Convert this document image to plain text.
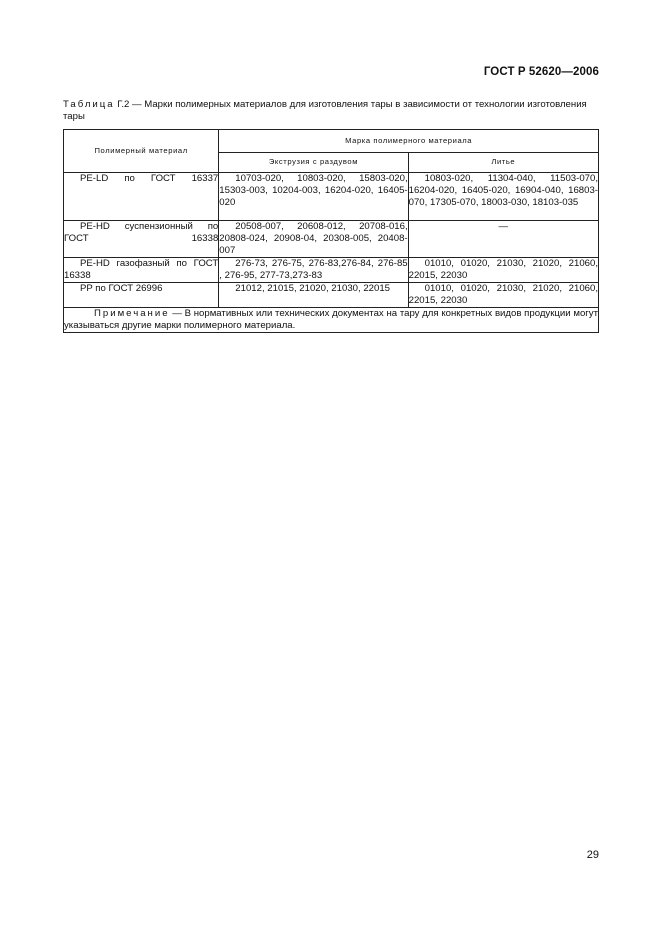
ГОСТ Р 52620—2006
Таблица Г.2 — Марки полимерных материалов для изготовления тары в зависимости от технологии изготовления тары
Полимерный материал	Марка полимерного материала	
	Экструзия с раздувом	Литье
PE-LD по ГОСТ 16337	10703-020, 10803-020, 15803-020, 15303-003, 10204-003, 16204-020, 16405-020	10803-020, 11304-040, 11503-070, 16204-020, 16405-020, 16904-040, 16803-070, 17305-070, 18003-030, 18103-035
PE-HD суспензионный по ГОСТ 16338	20508-007, 20608-012, 20708-016, 20808-024, 20908-04, 20308-005, 20408-007	—
PE-HD газофазный по ГОСТ 16338	276-73, 276-75, 276-83,276-84, 276-85 , 276-95, 277-73,273-83	01010, 01020, 21030, 21020, 21060, 22015, 22030
PP по ГОСТ 26996	21012, 21015, 21020, 21030, 22015	01010, 01020, 21030, 21020, 21060, 22015, 22030
Примечание — В нормативных или технических документах на тару для конкретных видов продукции могут указываться другие марки полимерного материала.		
29
